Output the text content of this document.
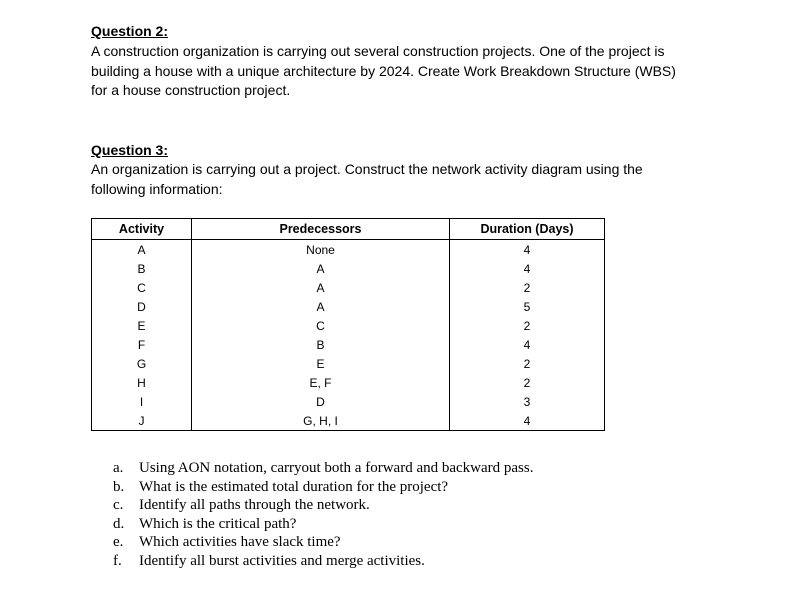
Question 2:
A construction organization is carrying out several construction projects. One of the project is
building a house with a unique architecture by 2024. Create Work Breakdown Structure (WBS)
for a house construction project.
Question 3:
An organization is carrying out a project. Construct the network activity diagram using the
following information:
Activity	Predecessors	Duration (Days)
A	None	4
B	A	4
C	A	2
D	A	5
E	C	2
F	B	4
G	E	2
H	E, F	2
I	D	3
J	G, H, I	4
a.	Using AON notation, carryout both a forward and backward pass.
b. What is the estimated total duration for the project?
c.	Identify all paths through the network.
d. Which is the critical path?
e.	Which activities have slack time?
f.	Identify all burst activities and merge activities.
